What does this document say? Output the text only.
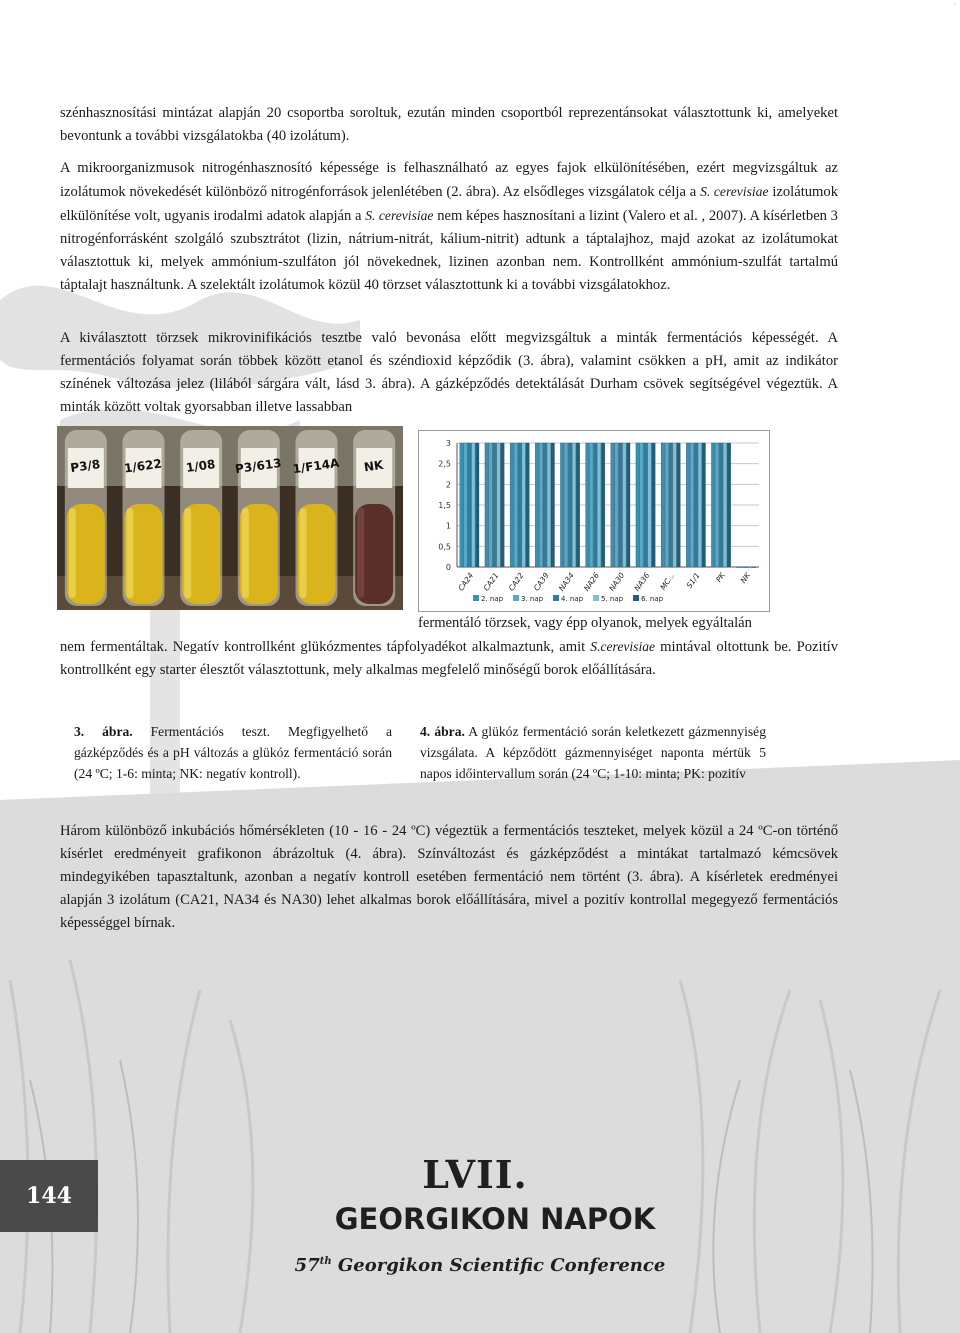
·

szénhasznosítási mintázat alapján 20 csoportba soroltuk, ezután minden csoportból reprezentánsokat választottunk ki, amelyeket bevontunk a további vizsgálatokba (40 izolátum).

A mikroorganizmusok nitrogénhasznosító képessége is felhasználható az egyes fajok elkülönítésében, ezért megvizsgáltuk az izolátumok növekedését különböző nitrogénforrások jelenlétében (2. ábra). Az elsődleges vizsgálatok célja a S. cerevisiae izolátumok elkülönítése volt, ugyanis irodalmi adatok alapján a S. cerevisiae nem képes hasznosítani a lizint (Valero et al. , 2007). A kísérletben 3 nitrogénforrásként szolgáló szubsztrátot (lizin, nátrium-nitrát, kálium-nitrit) adtunk a táptalajhoz, majd azokat az izolátumokat választottuk ki, melyek ammónium-szulfáton jól növekednek, lizinen azonban nem. Kontrollként ammónium-szulfát tartalmú táptalajt használtunk. A szelektált izolátumok közül 40 törzset választottunk ki a további vizsgálatokhoz.

A kiválasztott törzsek mikrovinifikációs tesztbe való bevonása előtt megvizsgáltuk a minták fermentációs képességét. A fermentációs folyamat során többek között etanol és széndioxid képződik (3. ábra), valamint csökken a pH, amit az indikátor színének változása jelez (lilából sárgára vált, lásd 3. ábra). A gázképződés detektálását Durham csövek segítségével végeztük. A minták között voltak gyorsabban illetve lassabban

P3/8 1/622 1/08 P3/613 1/F14A NK
0
0,5
1
1,5
2
2,5
3
CA24 CA21 CA22 CA39 NA34 NA26 NA30 NA36 MC... S1/1 PK NK
2. nap	3. nap	4. nap	5. nap	6. nap

fermentáló törzsek, vagy épp olyanok, melyek egyáltalán

nem fermentáltak. Negatív kontrollként glükózmentes tápfolyadékot alkalmaztunk, amit S.cerevisiae mintával oltottunk be. Pozitív kontrollként egy starter élesztőt választottunk, mely alkalmas megfelelő minőségű borok előállítására.

3. ábra. Fermentációs teszt. Megfigyelhető a gázképződés és a pH változás a glükóz fermentáció során (24 ºC; 1-6: minta; NK: negatív kontroll).

4. ábra. A glükóz fermentáció során keletkezett gázmennyiség vizsgálata. A képződött gázmennyiséget naponta mértük 5 napos időintervallum során (24 ºC; 1-10: minta; PK: pozitív

Három különböző inkubációs hőmérsékleten (10 - 16 - 24 ºC) végeztük a fermentációs teszteket, melyek közül a 24 ºC-on történő kísérlet eredményeit grafikonon ábrázoltuk (4. ábra). Színváltozást és gázképződést a mintákat tartalmazó kémcsövek mindegyikében tapasztaltunk, azonban a negatív kontroll esetében fermentáció nem történt (3. ábra). A kísérletek eredményei alapján 3 izolátum (CA21, NA34 és NA30) lehet alkalmas borok előállítására, mivel a pozitív kontrollal megegyező fermentációs képességgel bírnak.

144	LVII.
GEORGIKON NAPOK
57th Georgikon Scientific Conference
